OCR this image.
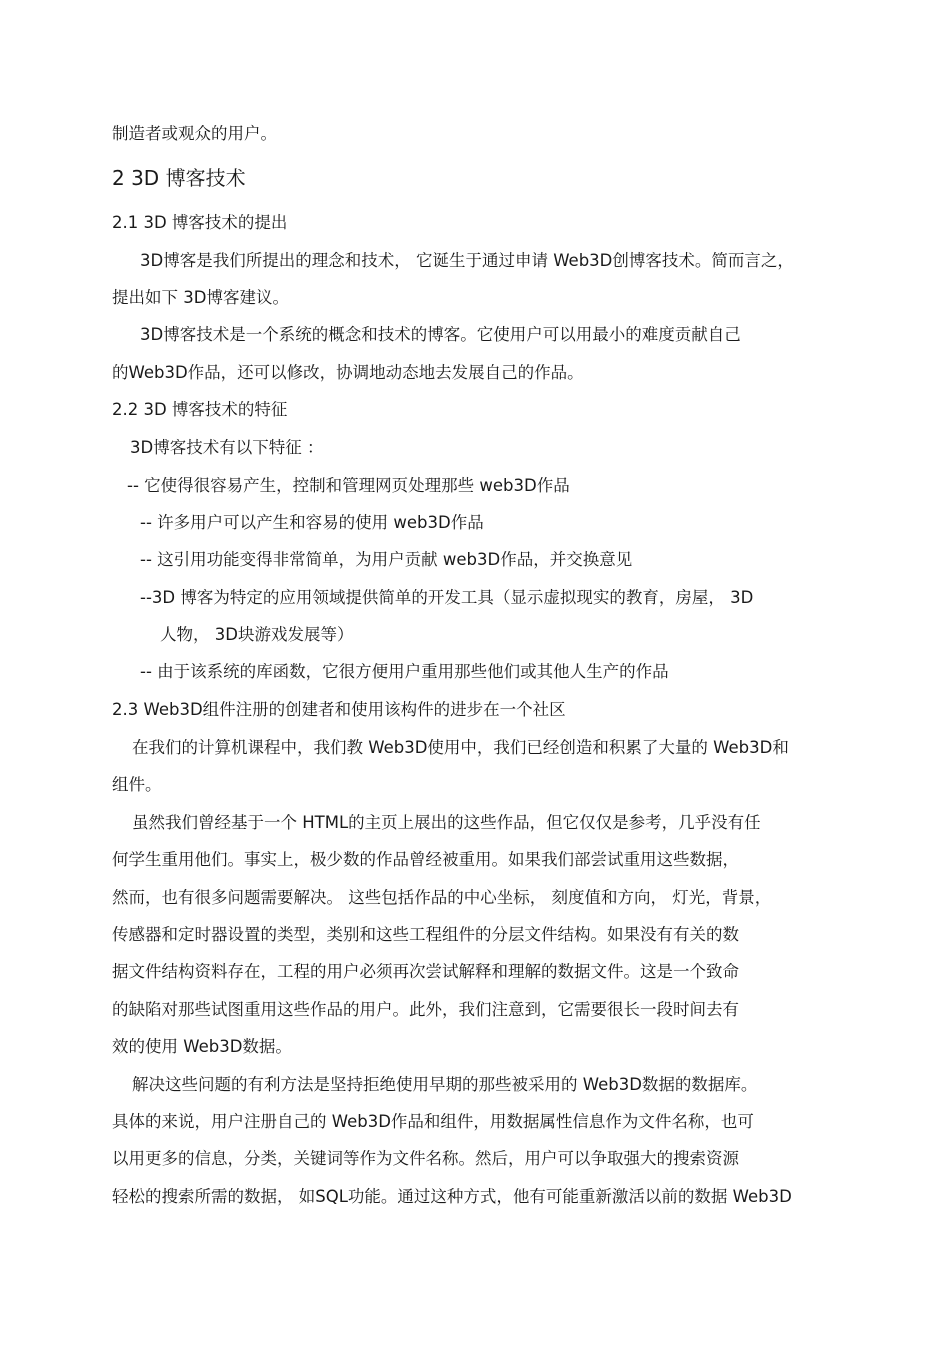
制造者或观众的用户。
2 3D 博客技术
2.1 3D 博客技术的提出
3D博客是我们所提出的理念和技术， 它诞生于通过申请 Web3D创博客技术。简而言之，
提出如下 3D博客建议。
3D博客技术是一个系统的概念和技术的博客。它使用户可以用最小的难度贡献自己
的Web3D作品，还可以修改，协调地动态地去发展自己的作品。
2.2 3D 博客技术的特征
3D博客技术有以下特征 ：
-- 它使得很容易产生，控制和管理网页处理那些 web3D作品
-- 许多用户可以产生和容易的使用 web3D作品
-- 这引用功能变得非常简单，为用户贡献 web3D作品，并交换意见
--3D 博客为特定的应用领域提供简单的开发工具（显示虚拟现实的教育，房屋， 3D
人物， 3D块游戏发展等）
-- 由于该系统的库函数，它很方便用户重用那些他们或其他人生产的作品
2.3 Web3D组件注册的创建者和使用该构件的进步在一个社区
在我们的计算机课程中，我们教 Web3D使用中，我们已经创造和积累了大量的 Web3D和
组件。
虽然我们曾经基于一个 HTML的主页上展出的这些作品，但它仅仅是参考，几乎没有任
何学生重用他们。事实上，极少数的作品曾经被重用。如果我们部尝试重用这些数据，
然而，也有很多问题需要解决。 这些包括作品的中心坐标， 刻度值和方向， 灯光，背景，
传感器和定时器设置的类型，类别和这些工程组件的分层文件结构。如果没有有关的数
据文件结构资料存在，工程的用户必须再次尝试解释和理解的数据文件。这是一个致命
的缺陷对那些试图重用这些作品的用户。此外，我们注意到，它需要很长一段时间去有
效的使用 Web3D数据。
解决这些问题的有利方法是坚持拒绝使用早期的那些被采用的 Web3D数据的数据库。
具体的来说，用户注册自己的 Web3D作品和组件，用数据属性信息作为文件名称，也可
以用更多的信息，分类，关键词等作为文件名称。然后，用户可以争取强大的搜索资源
轻松的搜索所需的数据， 如SQL功能。通过这种方式，他有可能重新激活以前的数据 Web3D
